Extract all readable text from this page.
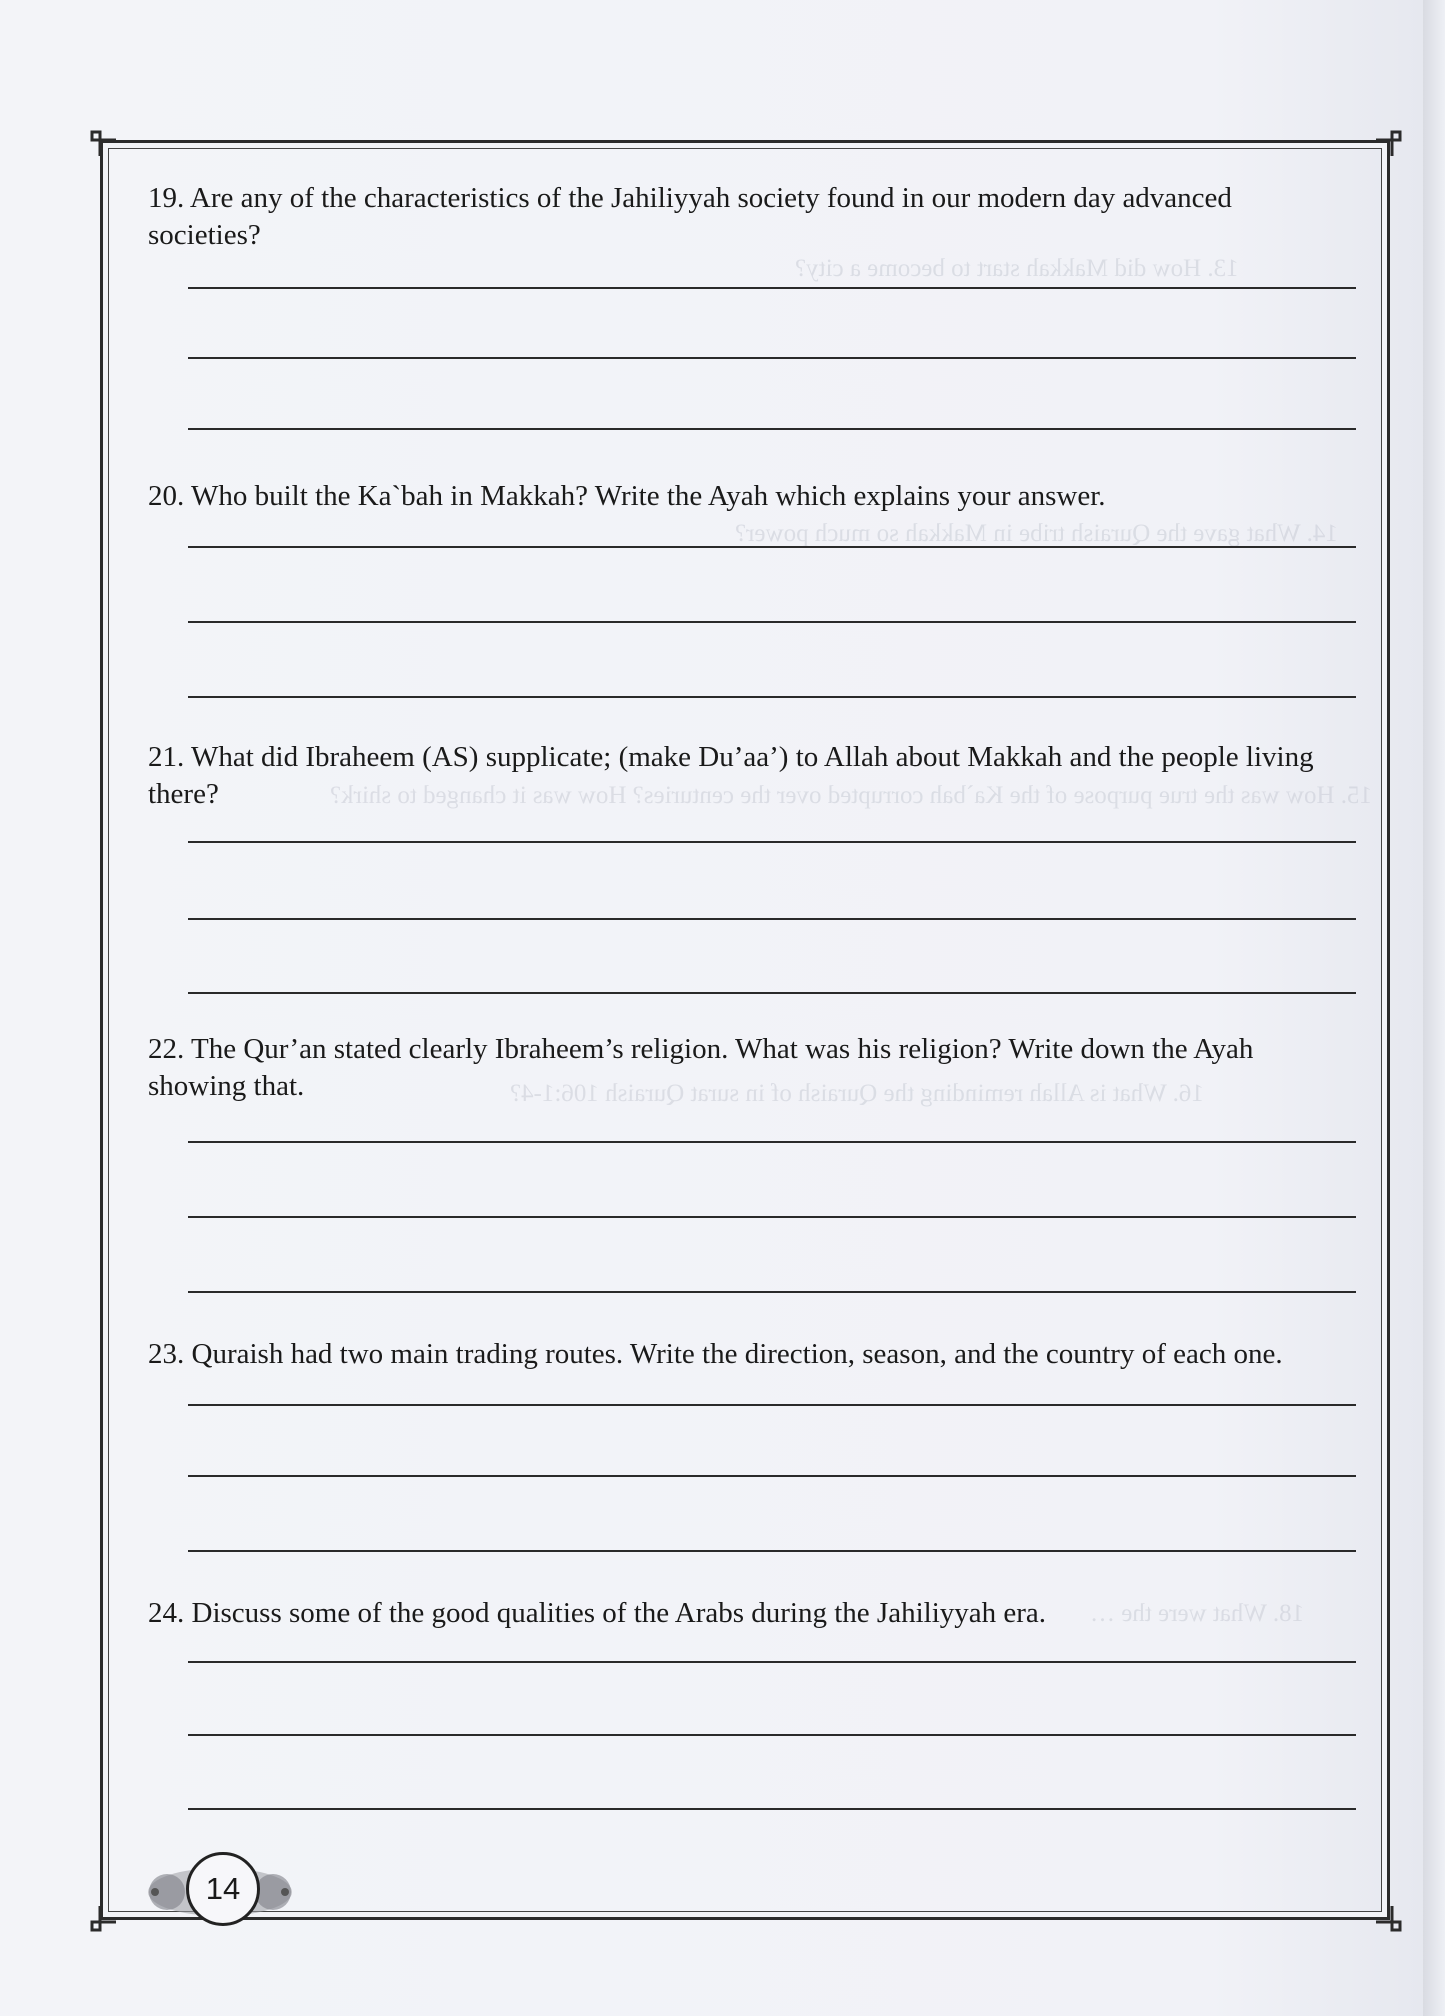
13. How did Makkah start to become a city?
14. What gave the Quraish tribe in Makkah so much power?
15. How was the true purpose of the Ka`bah corrupted over the centuries? How was it changed to shirk?
16. What is Allah reminding the Quraish of in surat Quraish 106:1-4?
18. What were the …
19. Are any of the characteristics of the Jahiliyyah society found in our modern day advanced societies?
20. Who built the Ka`bah in Makkah? Write the Ayah which explains your answer.
21. What did Ibraheem (AS) supplicate; (make Du’aa’) to Allah about Makkah and the people living there?
22. The Qur’an stated clearly Ibraheem’s religion. What was his religion? Write down the Ayah showing that.
23. Quraish had two main trading routes. Write the direction, season, and the country of each one.
24. Discuss some of the good qualities of the Arabs during the Jahiliyyah era.
14
